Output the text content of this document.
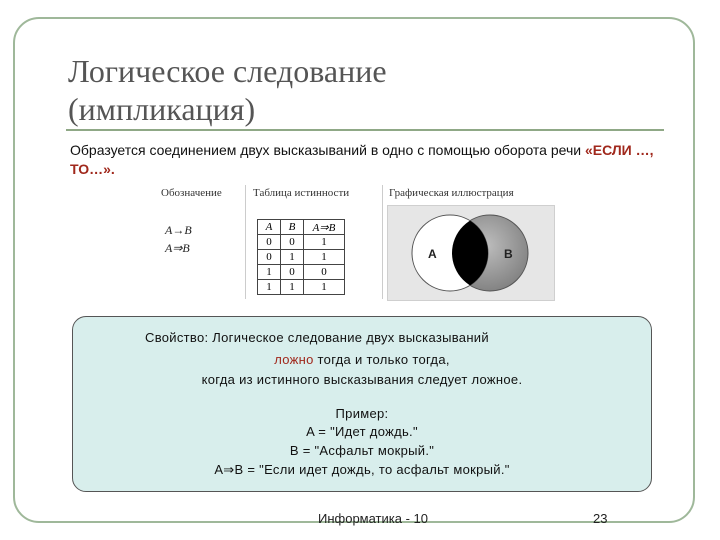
Логическое следование
(импликация)
Образуется соединением двух высказываний в одно с помощью оборота речи «ЕСЛИ …, ТО…».
Обозначение	Таблица истинности	Графическая иллюстрация
A→B
A⇒B
A	B	A⇒B
0	0	1
0	1	1
1	0	0
1	1	1
A	B
Свойство: Логическое следование двух высказываний
ложно тогда и только тогда,
когда из истинного высказывания следует ложное.
Пример:
A = "Идет дождь."
B = "Асфальт мокрый."
A⇒B = "Если идет дождь, то асфальт мокрый."
Информатика - 10	23
